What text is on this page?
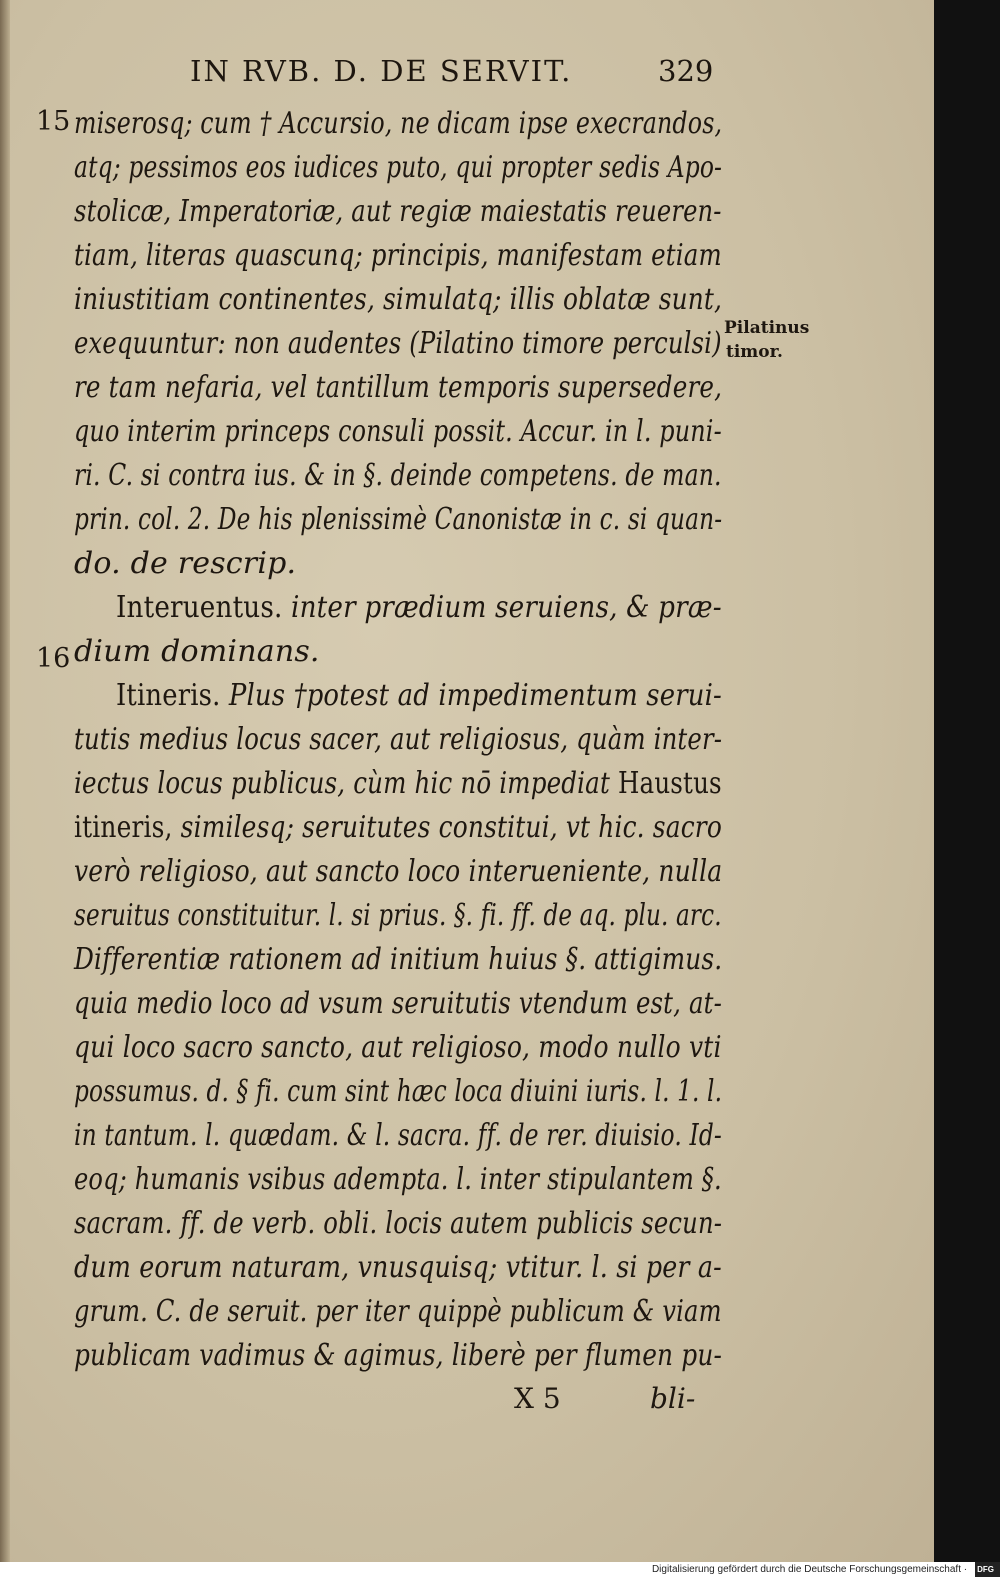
IN RVB. D. DE SERVIT.	329
15
16
Pilatinus
timor.
miserosq; cum † Accursio, ne dicam ipse execrandos,
atq; pessimos eos iudices puto, qui propter sedis Apo-
stolicæ, Imperatoriæ, aut regiæ maiestatis reueren-
tiam, literas quascunq; principis, manifestam etiam
iniustitiam continentes, simulatq; illis oblatæ sunt,
exequuntur: non audentes (Pilatino timore perculsi)
re tam nefaria, vel tantillum temporis supersedere,
quo interim princeps consuli possit. Accur. in l. puni-
ri. C. si contra ius. & in §. deinde competens. de man.
prin. col. 2. De his plenissimè Canonistæ in c. si quan-
do. de rescrip.
Interuentus. inter prædium seruiens, & præ-
dium dominans.
Itineris. Plus †potest ad impedimentum serui-
tutis medius locus sacer, aut religiosus, quàm inter-
iectus locus publicus, cùm hic nō impediat Haustus
itineris, similesq; seruitutes constitui, vt hic. sacro
verò religioso, aut sancto loco interueniente, nulla
seruitus constituitur. l. si prius. §. fi. ff. de aq. plu. arc.
Differentiæ rationem ad initium huius §. attigimus.
quia medio loco ad vsum seruitutis vtendum est, at-
qui loco sacro sancto, aut religioso, modo nullo vti
possumus. d. § fi. cum sint hæc loca diuini iuris. l. 1. l.
in tantum. l. quædam. & l. sacra. ff. de rer. diuisio. Id-
eoq; humanis vsibus adempta. l. inter stipulantem §.
sacram. ff. de verb. obli. locis autem publicis secun-
dum eorum naturam, vnusquisq; vtitur. l. si per a-
grum. C. de seruit. per iter quippè publicum & viam
publicam vadimus & agimus, liberè per flumen pu-
X 5	bli-
Digitalisierung gefördert durch die Deutsche Forschungsgemeinschaft · DFG
